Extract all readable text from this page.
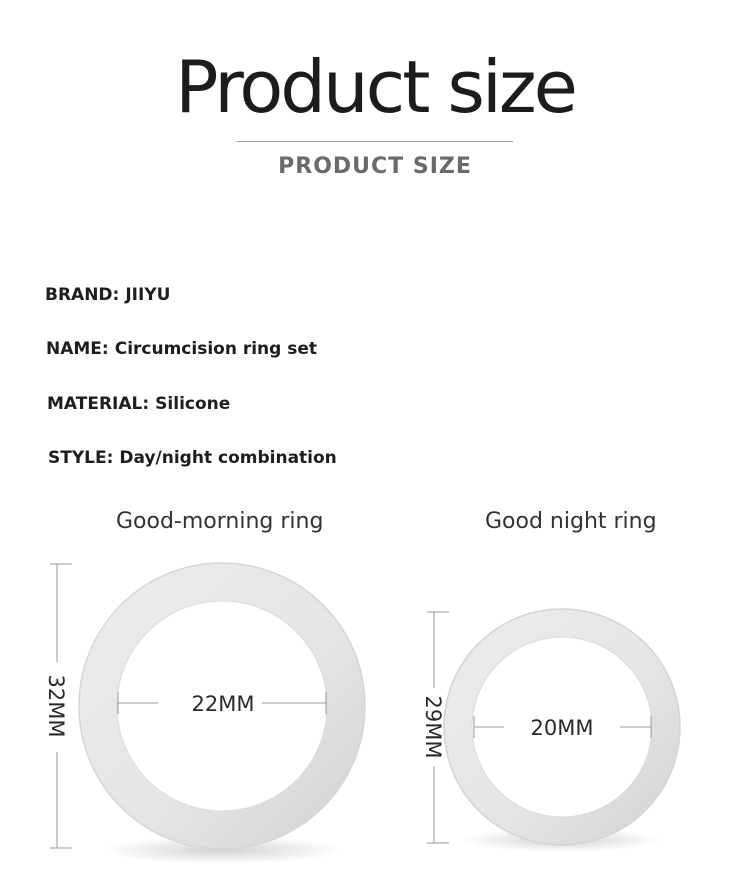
Product size
PRODUCT SIZE
BRAND: JIIYU
NAME: Circumcision ring set
MATERIAL: Silicone
STYLE: Day/night combination
Good-morning ring	Good night ring
32MM	22MM	29MM	20MM
